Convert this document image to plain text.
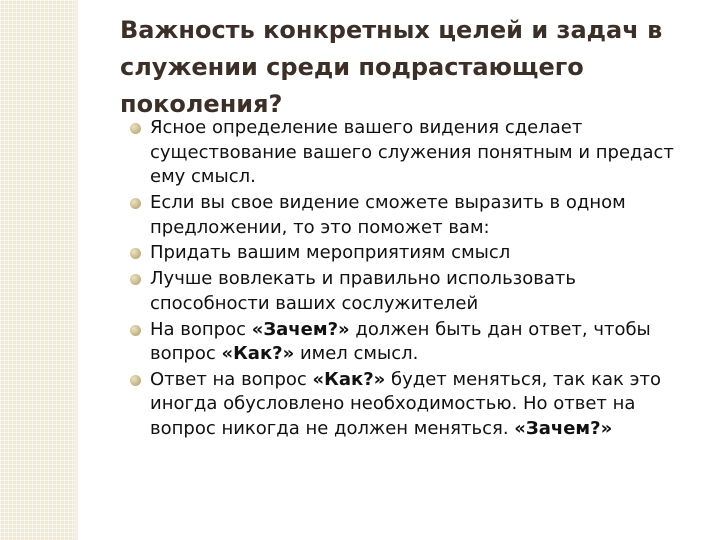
Важность конкретных целей и задач в служении среди подрастающего поколения?
Ясное определение вашего видения сделает существование вашего служения понятным и предаст ему смысл.
Если вы свое видение сможете выразить в одном предложении, то это поможет вам:
Придать вашим мероприятиям смысл
Лучше вовлекать и правильно использовать способности ваших сослужителей
На вопрос «Зачем?» должен быть дан ответ, чтобы вопрос «Как?» имел смысл.
Ответ на вопрос «Как?» будет меняться, так как это иногда обусловлено необходимостью. Но ответ на вопрос никогда не должен меняться. «Зачем?»
